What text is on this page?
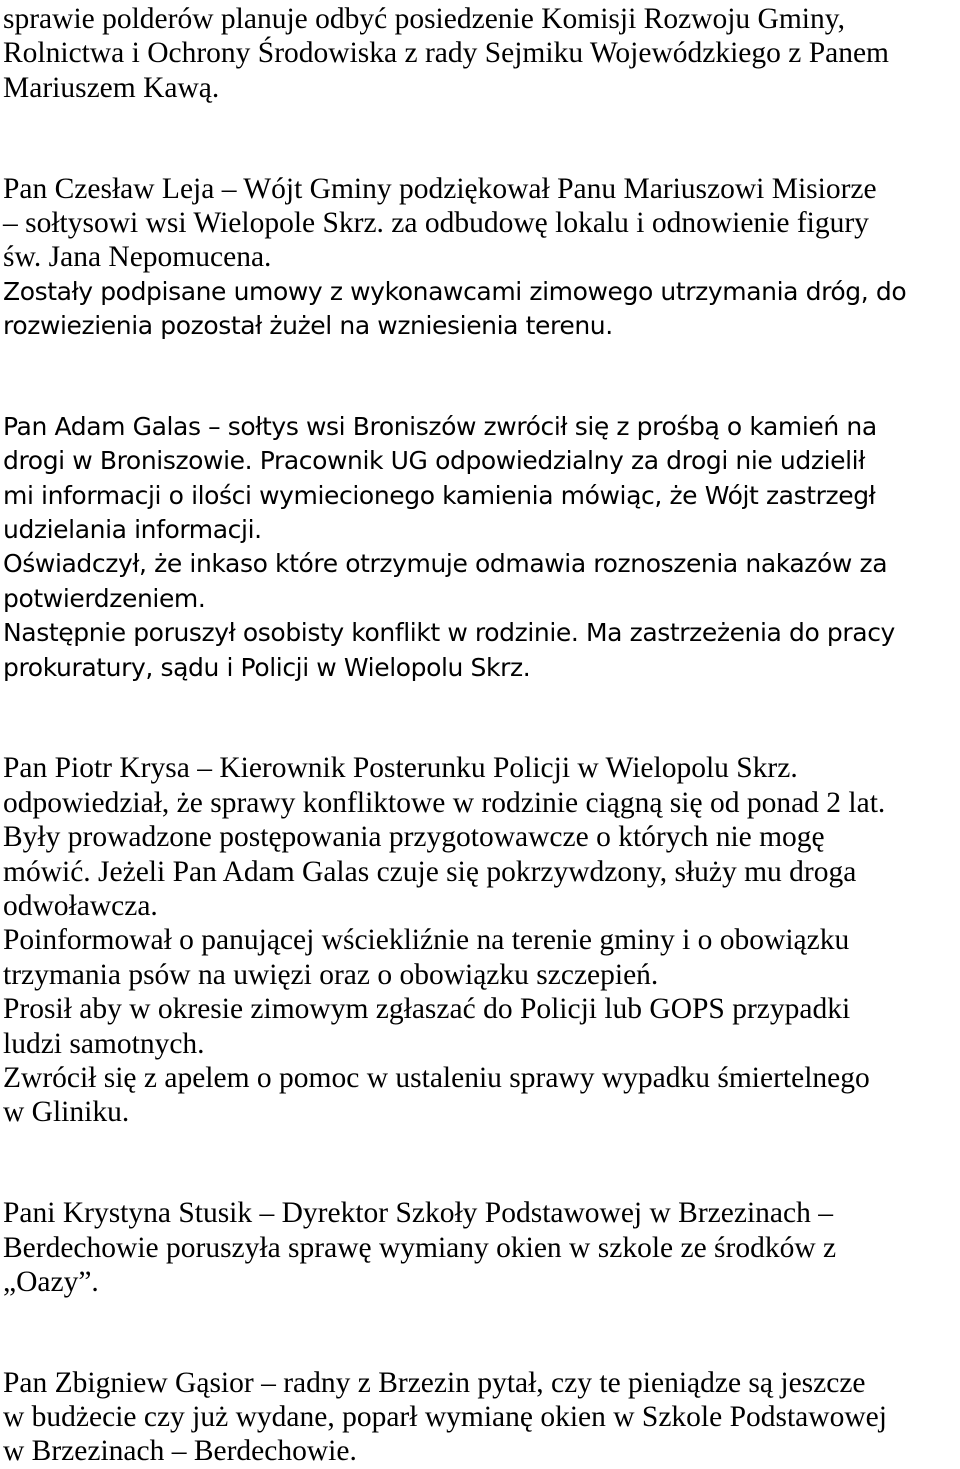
sprawie polderów planuje odbyć posiedzenie Komisji Rozwoju Gminy,

Rolnictwa i Ochrony Środowiska z rady Sejmiku Wojewódzkiego z Panem

Mariuszem Kawą.

Pan Czesław Leja – Wójt Gminy podziękował Panu Mariuszowi Misiorze

– sołtysowi wsi Wielopole Skrz. za odbudowę lokalu i odnowienie figury

św. Jana Nepomucena.

Zostały podpisane umowy z wykonawcami zimowego utrzymania dróg, do

rozwiezienia pozostał żużel na wzniesienia terenu.

Pan Adam Galas – sołtys wsi Broniszów zwrócił się z prośbą o kamień na

drogi w Broniszowie. Pracownik UG odpowiedzialny za drogi nie udzielił

mi informacji o ilości wymiecionego kamienia mówiąc, że Wójt zastrzegł

udzielania informacji.

Oświadczył, że inkaso które otrzymuje odmawia roznoszenia nakazów za

potwierdzeniem.

Następnie poruszył osobisty konflikt w rodzinie. Ma zastrzeżenia do pracy

prokuratury, sądu i Policji w Wielopolu Skrz.

Pan Piotr Krysa – Kierownik Posterunku Policji w Wielopolu Skrz.

odpowiedział, że sprawy konfliktowe w rodzinie ciągną się od ponad 2 lat.

Były prowadzone postępowania przygotowawcze o których nie mogę

mówić. Jeżeli Pan Adam Galas czuje się pokrzywdzony, służy mu droga

odwoławcza.

Poinformował o panującej wściekliźnie na terenie gminy i o obowiązku

trzymania psów na uwięzi oraz o obowiązku szczepień.

Prosił aby w okresie zimowym zgłaszać do Policji lub GOPS przypadki

ludzi samotnych.

Zwrócił się z apelem o pomoc w ustaleniu sprawy wypadku śmiertelnego

w Gliniku.

Pani Krystyna Stusik – Dyrektor Szkoły Podstawowej w Brzezinach –

Berdechowie poruszyła sprawę wymiany okien w szkole ze środków z

„Oazy”.

Pan Zbigniew Gąsior – radny z Brzezin pytał, czy te pieniądze są jeszcze

w budżecie czy już wydane, poparł wymianę okien w Szkole Podstawowej

w Brzezinach – Berdechowie.
